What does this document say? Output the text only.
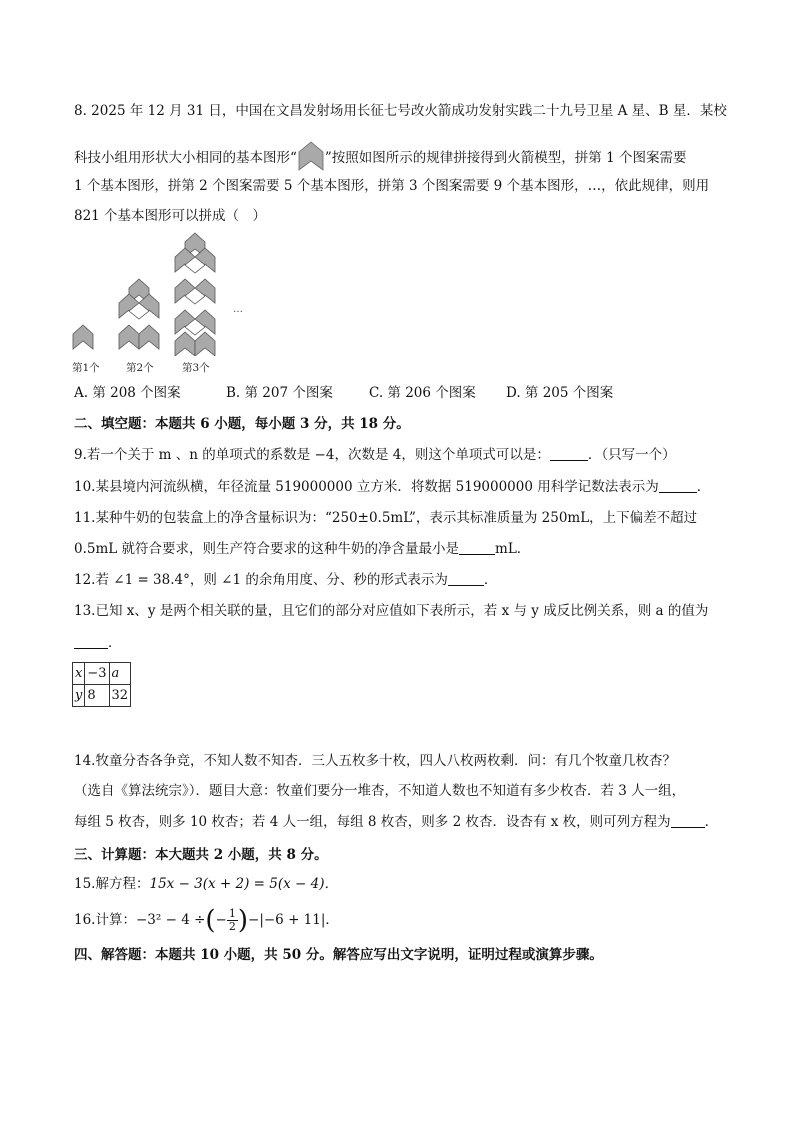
8. 2025 年 12 月 31 日，中国在文昌发射场用长征七号改火箭成功发射实践二十九号卫星 A 星、B 星．某校
科技小组用形状大小相同的基本图形“ ”按照如图所示的规律拼接得到火箭模型，拼第 1 个图案需要
1 个基本图形，拼第 2 个图案需要 5 个基本图形，拼第 3 个图案需要 9 个基本图形，…，依此规律，则用
821 个基本图形可以拼成（　）
…
第1个	第2个	第3个
A. 第 208 个图案	B. 第 207 个图案	C. 第 206 个图案 D. 第 205 个图案
二、填空题：本题共 6 小题，每小题 3 分，共 18 分。
9.若一个关于 m 、n 的单项式的系数是 −4，次数是 4，则这个单项式可以是：	．（只写一个）
10.某县境内河流纵横，年径流量 519000000 立方米．将数据 519000000 用科学记数法表示为	．
11.某种牛奶的包装盒上的净含量标识为：“250±0.5mL”，表示其标准质量为 250mL，上下偏差不超过
0.5mL 就符合要求，则生产符合要求的这种牛奶的净含量最小是	mL．
12.若 ∠1 = 38.4°，则 ∠1 的余角用度、分、秒的形式表示为	．
13.已知 x、y 是两个相关联的量，且它们的部分对应值如下表所示，若 x 与 y 成反比例关系，则 a 的值为
．
x	−3	a
y	8	32
14.牧童分杏各争竞，不知人数不知杏．三人五枚多十枚，四人八枚两枚剩．问：有几个牧童几枚杏？
（选自《算法统宗》）．题目大意：牧童们要分一堆杏，不知道人数也不知道有多少枚杏．若 3 人一组，
每组 5 枚杏，则多 10 枚杏；若 4 人一组，每组 8 枚杏，则多 2 枚杏．设杏有 x 枚，则可列方程为	．
三、计算题：本大题共 2 小题，共 8 分。
15.解方程：15x − 3(x + 2) = 5(x − 4)．
16.计算：−3² − 4 ÷(− $\frac{1}{2} )-|-6 + 11|$．
四、解答题：本题共 10 小题，共 50 分。解答应写出文字说明，证明过程或演算步骤。
